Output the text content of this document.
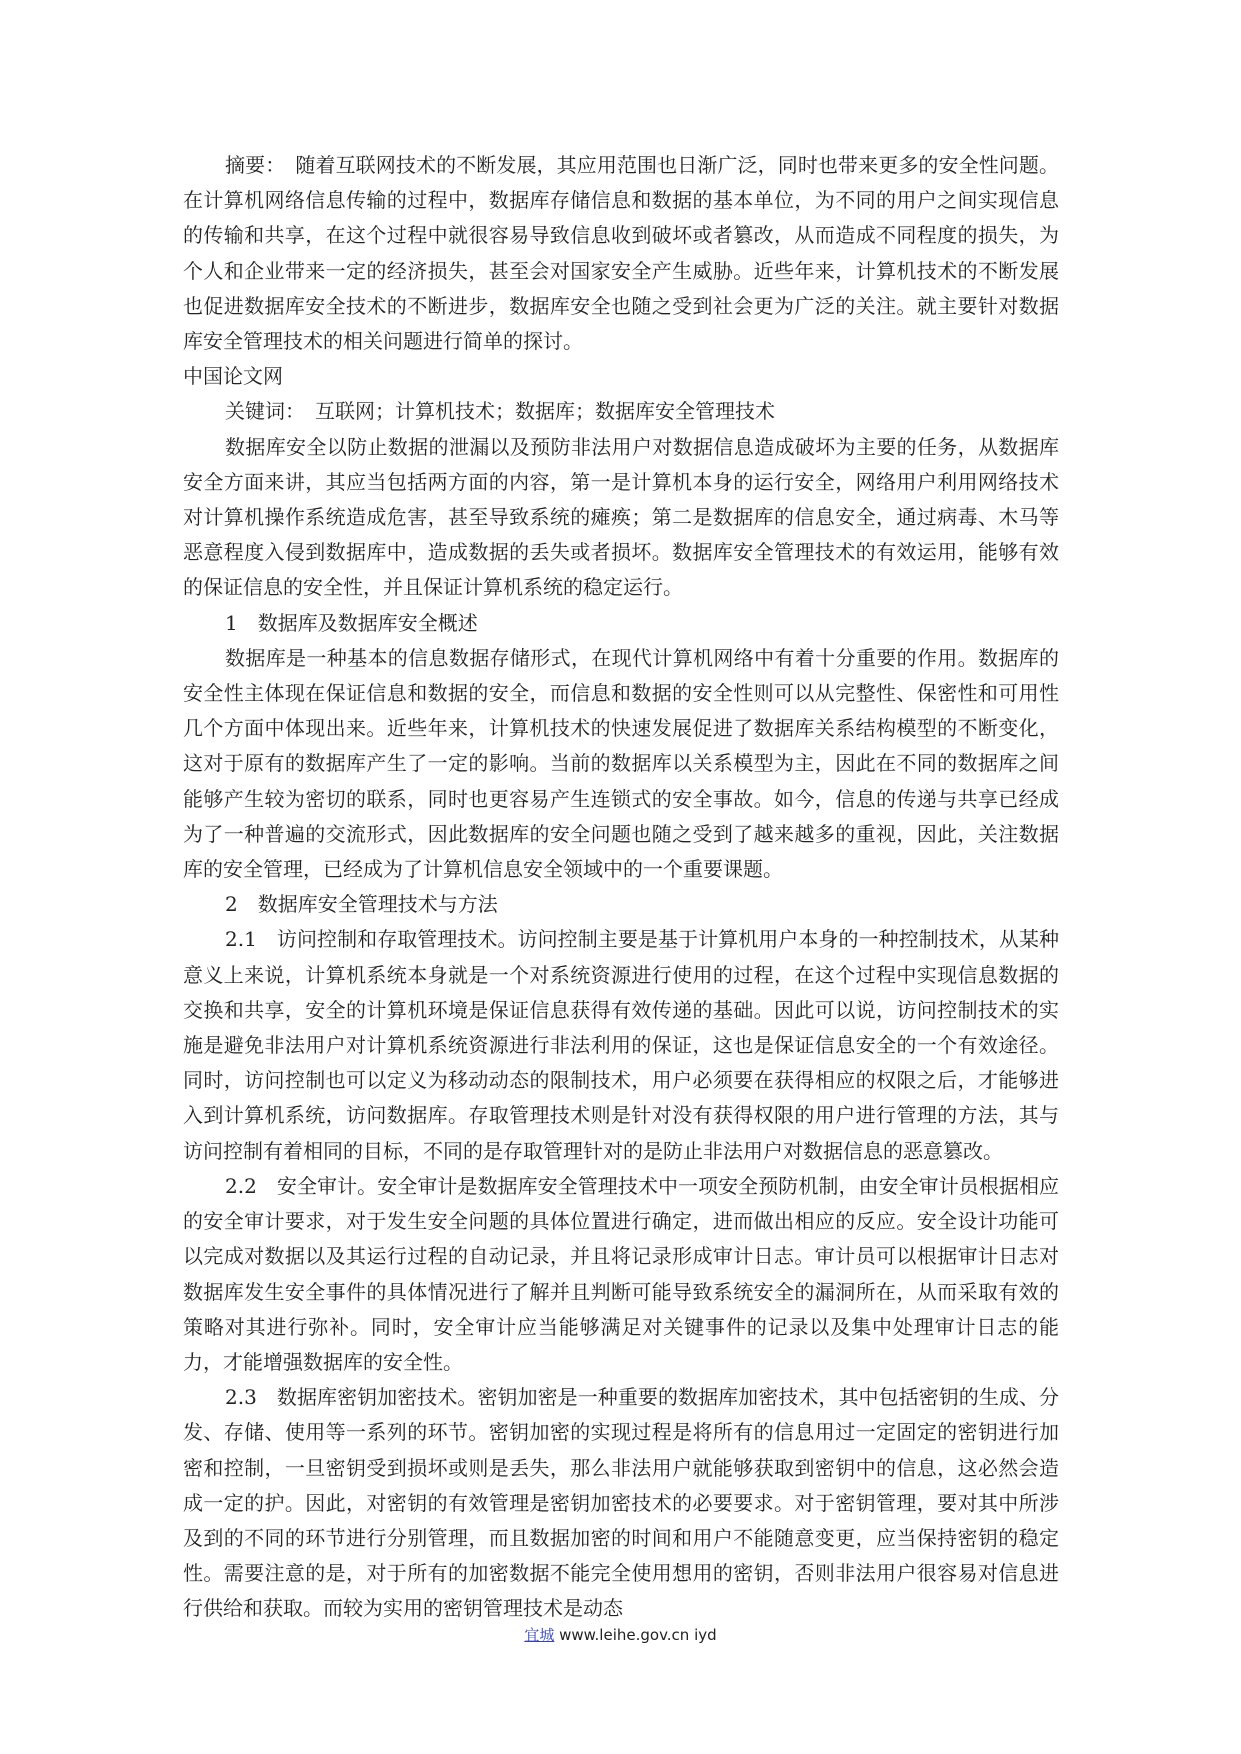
摘要：　随着互联网技术的不断发展，其应用范围也日渐广泛，同时也带来更多的安全性问题。在计算机网络信息传输的过程中，数据库存储信息和数据的基本单位，为不同的用户之间实现信息的传输和共享，在这个过程中就很容易导致信息收到破坏或者篡改，从而造成不同程度的损失，为个人和企业带来一定的经济损失，甚至会对国家安全产生威胁。近些年来，计算机技术的不断发展也促进数据库安全技术的不断进步，数据库安全也随之受到社会更为广泛的关注。就主要针对数据库安全管理技术的相关问题进行简单的探讨。

中国论文网

关键词：　互联网；计算机技术；数据库；数据库安全管理技术

数据库安全以防止数据的泄漏以及预防非法用户对数据信息造成破坏为主要的任务，从数据库安全方面来讲，其应当包括两方面的内容，第一是计算机本身的运行安全，网络用户利用网络技术对计算机操作系统造成危害，甚至导致系统的瘫痪；第二是数据库的信息安全，通过病毒、木马等恶意程度入侵到数据库中，造成数据的丢失或者损坏。数据库安全管理技术的有效运用，能够有效的保证信息的安全性，并且保证计算机系统的稳定运行。

1　数据库及数据库安全概述

数据库是一种基本的信息数据存储形式，在现代计算机网络中有着十分重要的作用。数据库的安全性主体现在保证信息和数据的安全，而信息和数据的安全性则可以从完整性、保密性和可用性几个方面中体现出来。近些年来，计算机技术的快速发展促进了数据库关系结构模型的不断变化，这对于原有的数据库产生了一定的影响。当前的数据库以关系模型为主，因此在不同的数据库之间能够产生较为密切的联系，同时也更容易产生连锁式的安全事故。如今，信息的传递与共享已经成为了一种普遍的交流形式，因此数据库的安全问题也随之受到了越来越多的重视，因此，关注数据库的安全管理，已经成为了计算机信息安全领域中的一个重要课题。

2　数据库安全管理技术与方法

2.1　访问控制和存取管理技术。访问控制主要是基于计算机用户本身的一种控制技术，从某种意义上来说，计算机系统本身就是一个对系统资源进行使用的过程，在这个过程中实现信息数据的交换和共享，安全的计算机环境是保证信息获得有效传递的基础。因此可以说，访问控制技术的实施是避免非法用户对计算机系统资源进行非法利用的保证，这也是保证信息安全的一个有效途径。同时，访问控制也可以定义为移动动态的限制技术，用户必须要在获得相应的权限之后，才能够进入到计算机系统，访问数据库。存取管理技术则是针对没有获得权限的用户进行管理的方法，其与访问控制有着相同的目标，不同的是存取管理针对的是防止非法用户对数据信息的恶意篡改。

2.2　安全审计。安全审计是数据库安全管理技术中一项安全预防机制，由安全审计员根据相应的安全审计要求，对于发生安全问题的具体位置进行确定，进而做出相应的反应。安全设计功能可以完成对数据以及其运行过程的自动记录，并且将记录形成审计日志。审计员可以根据审计日志对数据库发生安全事件的具体情况进行了解并且判断可能导致系统安全的漏洞所在，从而采取有效的策略对其进行弥补。同时，安全审计应当能够满足对关键事件的记录以及集中处理审计日志的能力，才能增强数据库的安全性。

2.3　数据库密钥加密技术。密钥加密是一种重要的数据库加密技术，其中包括密钥的生成、分发、存储、使用等一系列的环节。密钥加密的实现过程是将所有的信息用过一定固定的密钥进行加密和控制，一旦密钥受到损坏或则是丢失，那么非法用户就能够获取到密钥中的信息，这必然会造成一定的护。因此，对密钥的有效管理是密钥加密技术的必要要求。对于密钥管理，要对其中所涉及到的不同的环节进行分别管理，而且数据加密的时间和用户不能随意变更，应当保持密钥的稳定性。需要注意的是，对于所有的加密数据不能完全使用想用的密钥，否则非法用户很容易对信息进行供给和获取。而较为实用的密钥管理技术是动态

宜城 www.leihe.gov.cn iyd
